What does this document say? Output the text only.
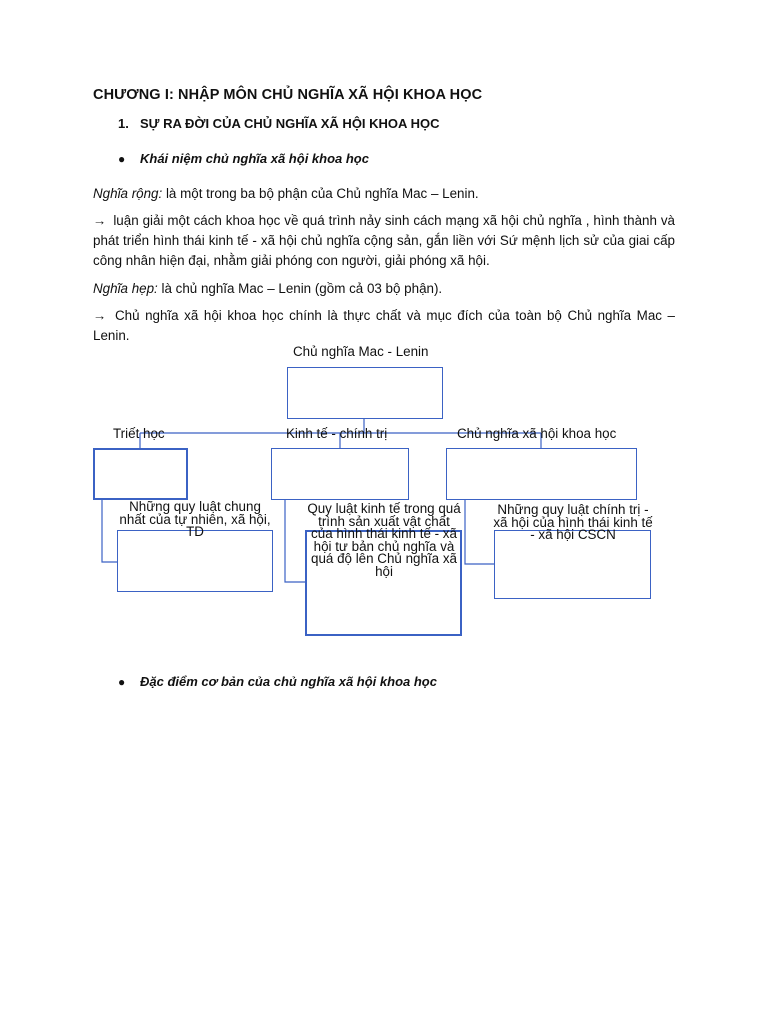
CHƯƠNG I: NHẬP MÔN CHỦ NGHĨA XÃ HỘI KHOA HỌC
1. SỰ RA ĐỜI CỦA CHỦ NGHĨA XÃ HỘI KHOA HỌC
● Khái niệm chủ nghĩa xã hội khoa học
Nghĩa rộng: là một trong ba bộ phận của Chủ nghĩa Mac – Lenin.
→ luận giải một cách khoa học về quá trình nảy sinh cách mạng xã hội chủ nghĩa , hình thành và phát triển hình thái kinh tế - xã hội chủ nghĩa cộng sản, gắn liền với Sứ mệnh lịch sử của giai cấp công nhân hiện đại, nhằm giải phóng con người, giải phóng xã hội.
Nghĩa hẹp: là chủ nghĩa Mac – Lenin (gồm cả 03 bộ phận).
→ Chủ nghĩa xã hội khoa học chính là thực chất và mục đích của toàn bộ Chủ nghĩa Mac – Lenin.
Chủ nghĩa Mac - Lenin
Triết học	Kinh tế - chính trị	Chủ nghĩa xã hội khoa học
Những quy luật chung nhất của tự nhiên, xã hội, TD
Quy luật kinh tế trong quá trình sản xuất vật chất của hình thái kinh tế - xã hội tư bản chủ nghĩa và quá độ lên Chủ nghĩa xã hội
Những quy luật chính trị - xã hội của hình thái kinh tế - xã hội CSCN
● Đặc điểm cơ bản của chủ nghĩa xã hội khoa học
